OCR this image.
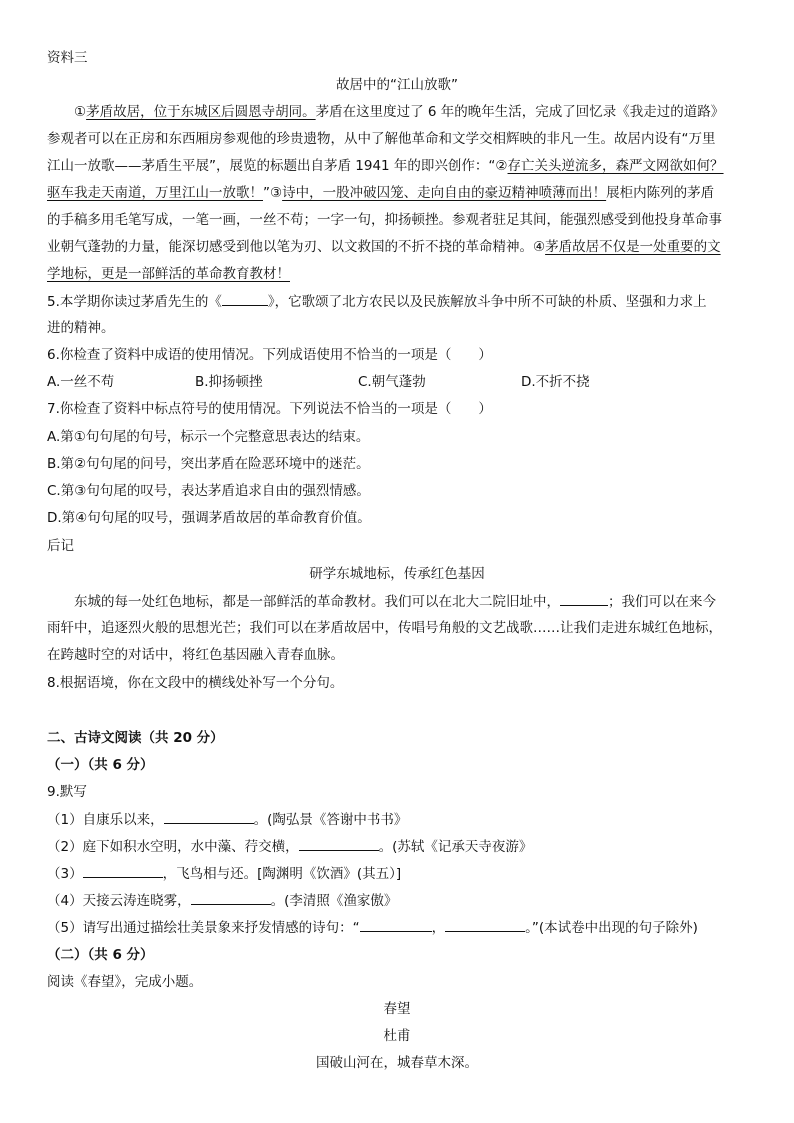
资料三
故居中的“江山放歌”
①茅盾故居，位于东城区后圆恩寺胡同。茅盾在这里度过了 6 年的晚年生活，完成了回忆录《我走过的道路》
参观者可以在正房和东西厢房参观他的珍贵遗物，从中了解他革命和文学交相辉映的非凡一生。故居内设有“万里
江山一放歌——茅盾生平展”，展览的标题出自茅盾 1941 年的即兴创作：“②存亡关头逆流多，森严文网欲如何？
驱车我走天南道，万里江山一放歌！”③诗中，一股冲破囚笼、走向自由的豪迈精神喷薄而出！展柜内陈列的茅盾
的手稿多用毛笔写成，一笔一画，一丝不苟；一字一句，抑扬顿挫。参观者驻足其间，能强烈感受到他投身革命事
业朝气蓬勃的力量，能深切感受到他以笔为刃、以文救国的不折不挠的革命精神。④茅盾故居不仅是一处重要的文
学地标，更是一部鲜活的革命教育教材！
5.本学期你读过茅盾先生的《	》，它歌颂了北方农民以及民族解放斗争中所不可缺的朴质、坚强和力求上
进的精神。
6.你检查了资料中成语的使用情况。下列成语使用不恰当的一项是（　　）
A.一丝不苟	B.抑扬顿挫	C.朝气蓬勃	D.不折不挠
7.你检查了资料中标点符号的使用情况。下列说法不恰当的一项是（　　）
A.第①句句尾的句号，标示一个完整意思表达的结束。
B.第②句句尾的问号，突出茅盾在险恶环境中的迷茫。
C.第③句句尾的叹号，表达茅盾追求自由的强烈情感。
D.第④句句尾的叹号，强调茅盾故居的革命教育价值。
后记
研学东城地标，传承红色基因
东城的每一处红色地标，都是一部鲜活的革命教材。我们可以在北大二院旧址中，	；我们可以在来今
雨轩中，追逐烈火般的思想光芒；我们可以在茅盾故居中，传唱号角般的文艺战歌……让我们走进东城红色地标，
在跨越时空的对话中，将红色基因融入青春血脉。
8.根据语境，你在文段中的横线处补写一个分句。
二、古诗文阅读（共 20 分）
（一）（共 6 分）
9.默写
（1）自康乐以来，	。(陶弘景《答谢中书书》
（2）庭下如积水空明，水中藻、荇交横，	。(苏轼《记承天寺夜游》
（3）	，飞鸟相与还。[陶渊明《饮酒》(其五）]
（4）天接云涛连晓雾，	。(李清照《渔家傲》
（5）请写出通过描绘壮美景象来抒发情感的诗句：“	，	。”(本试卷中出现的句子除外)
（二）（共 6 分）
阅读《春望》，完成小题。
春望
杜甫
国破山河在，城春草木深。
